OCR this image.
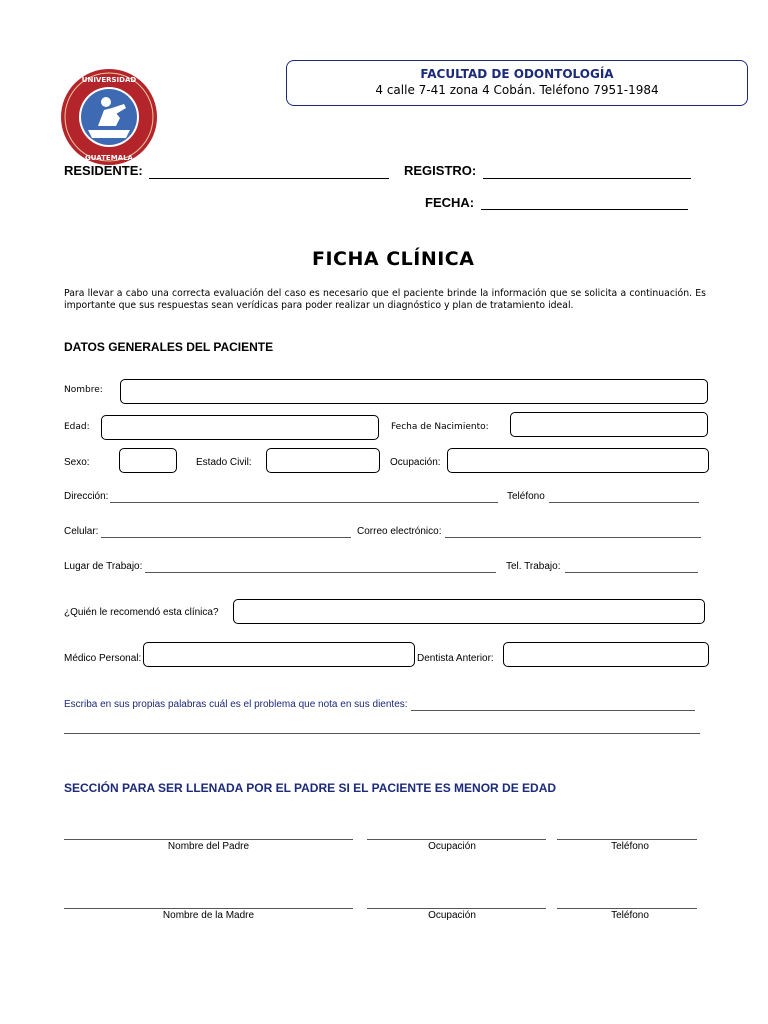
UNIVERSIDAD
GUATEMALA
FACULTAD DE ODONTOLOGÍA
4 calle 7-41 zona 4 Cobán. Teléfono 7951-1984
RESIDENTE:	REGISTRO:
FECHA:
FICHA CLÍNICA
Para llevar a cabo una correcta evaluación del caso es necesario que el paciente brinde la información que se solicita a continuación. Es importante que sus respuestas sean verídicas para poder realizar un diagnóstico y plan de tratamiento ideal.
DATOS GENERALES DEL PACIENTE
Nombre:
Edad:	Fecha de Nacimiento:
Sexo:	Estado Civil:	Ocupación:
Dirección:	Teléfono
Celular:	Correo electrónico:
Lugar de Trabajo:	Tel. Trabajo:
¿Quién le recomendó esta clínica?
Médico Personal:	Dentista Anterior:
Escriba en sus propias palabras cuál es el problema que nota en sus dientes:
SECCIÓN PARA SER LLENADA POR EL PADRE SI EL PACIENTE ES MENOR DE EDAD
Nombre del Padre	Ocupación	Teléfono
Nombre de la Madre	Ocupación	Teléfono
